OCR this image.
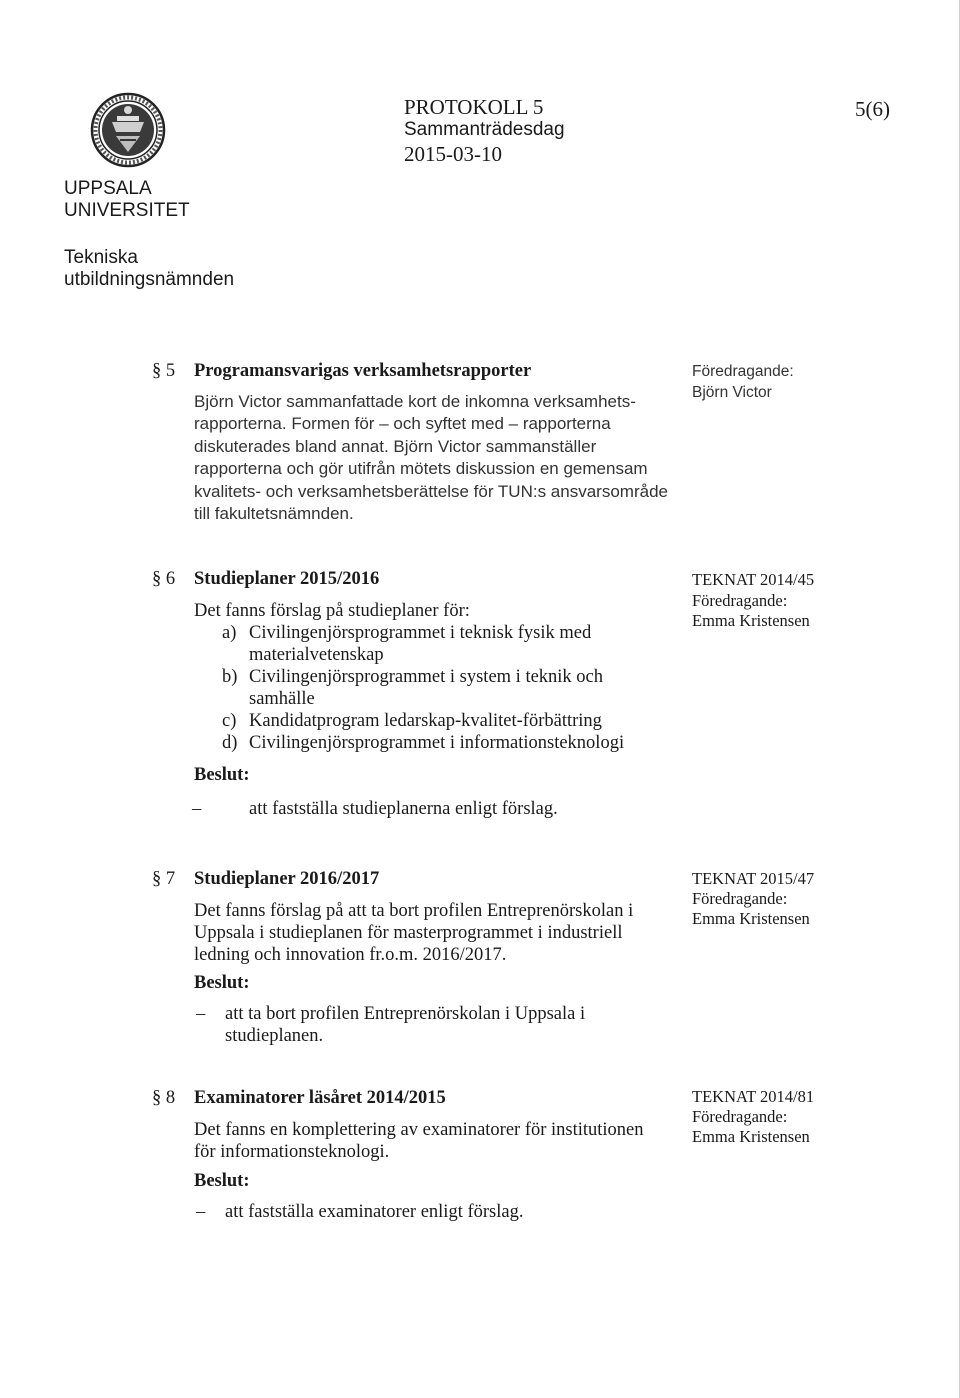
UPPSALA
UNIVERSITET
Tekniska
utbildningsnämnden
PROTOKOLL 5
Sammanträdesdag
2015-03-10
5(6)
§ 5 Programansvarigas verksamhetsrapporter
Björn Victor sammanfattade kort de inkomna verksamhets-
rapporterna. Formen för – och syftet med – rapporterna
diskuterades bland annat. Björn Victor sammanställer
rapporterna och gör utifrån mötets diskussion en gemensam
kvalitets- och verksamhetsberättelse för TUN:s ansvarsområde
till fakultetsnämnden.
Föredragande:
Björn Victor
§ 6 Studieplaner 2015/2016
Det fanns förslag på studieplaner för:
a) Civilingenjörsprogrammet i teknisk fysik med
materialvetenskap
b) Civilingenjörsprogrammet i system i teknik och
samhälle
c) Kandidatprogram ledarskap-kvalitet-förbättring
d) Civilingenjörsprogrammet i informationsteknologi
Beslut:
–	att fastställa studieplanerna enligt förslag.
TEKNAT 2014/45
Föredragande:
Emma Kristensen
§ 7 Studieplaner 2016/2017
Det fanns förslag på att ta bort profilen Entreprenörskolan i
Uppsala i studieplanen för masterprogrammet i industriell
ledning och innovation fr.o.m. 2016/2017.
Beslut:
– att ta bort profilen Entreprenörskolan i Uppsala i
studieplanen.
TEKNAT 2015/47
Föredragande:
Emma Kristensen
§ 8 Examinatorer läsåret 2014/2015
Det fanns en komplettering av examinatorer för institutionen
för informationsteknologi.
Beslut:
– att fastställa examinatorer enligt förslag.
TEKNAT 2014/81
Föredragande:
Emma Kristensen
